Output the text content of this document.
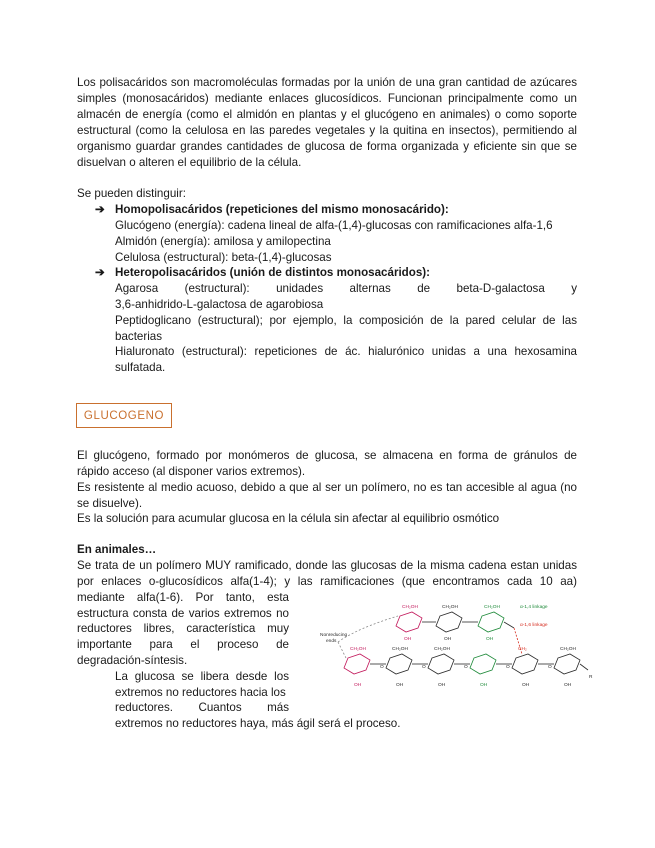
Los polisacáridos son macromoléculas formadas por la unión de una gran cantidad de azúcares

simples (monosacáridos) mediante enlaces glucosídicos. Funcionan principalmente como un

almacén de energía (como el almidón en plantas y el glucógeno en animales) o como soporte

estructural (como la celulosa en las paredes vegetales y la quitina en insectos), permitiendo al

organismo guardar grandes cantidades de glucosa de forma organizada y eficiente sin que se

disuelvan o alteren el equilibrio de la célula.

Se pueden distinguir:

➔ Homopolisacáridos (repeticiones del mismo monosacárido):

Glucógeno (energía): cadena lineal de alfa-(1,4)-glucosas con ramificaciones alfa-1,6

Almidón (energía): amilosa y amilopectina

Celulosa (estructural): beta-(1,4)-glucosas

➔ Heteropolisacáridos (unión de distintos monosacáridos):

Agarosa (estructural): unidades alternas de beta-D-galactosa y

3,6-anhidrido-L-galactosa de agarobiosa

Peptidoglicano (estructural); por ejemplo, la composición de la pared celular de las

bacterias

Hialuronato (estructural): repeticiones de ác. hialurónico unidas a una hexosamina

sulfatada.

GLUCOGENO

El glucógeno, formado por monómeros de glucosa, se almacena en forma de gránulos de

rápido acceso (al disponer varios extremos).

Es resistente al medio acuoso, debido a que al ser un polímero, no es tan accesible al agua (no

se disuelve).

Es la solución para acumular glucosa en la célula sin afectar al equilibrio osmótico

En animales…

Se trata de un polímero MUY ramificado, donde las glucosas de la misma cadena estan unidas

por enlaces o-glucosídicos alfa(1-4); y las ramificaciones (que encontramos cada 10 aa)

mediante alfa(1-6). Por tanto, esta

estructura consta de varios extremos no

reductores libres, característica muy

importante para el proceso de

degradación-síntesis.

La glucosa se libera desde los

extremos no reductores hacia los

reductores. Cuantos más

extremos no reductores haya, más ágil será el proceso.

CH₂OH	CH₂OH	CH₂OH
CH₂OH	CH₂OH	CH₂OH	CH₂	CH₂OH
OH	OH	OH
OH	OH	OH	OH	OH	OH
O	O	O	O	O
R
Nonreducing
ends
α-1,6 linkage
α-1,4 linkage
